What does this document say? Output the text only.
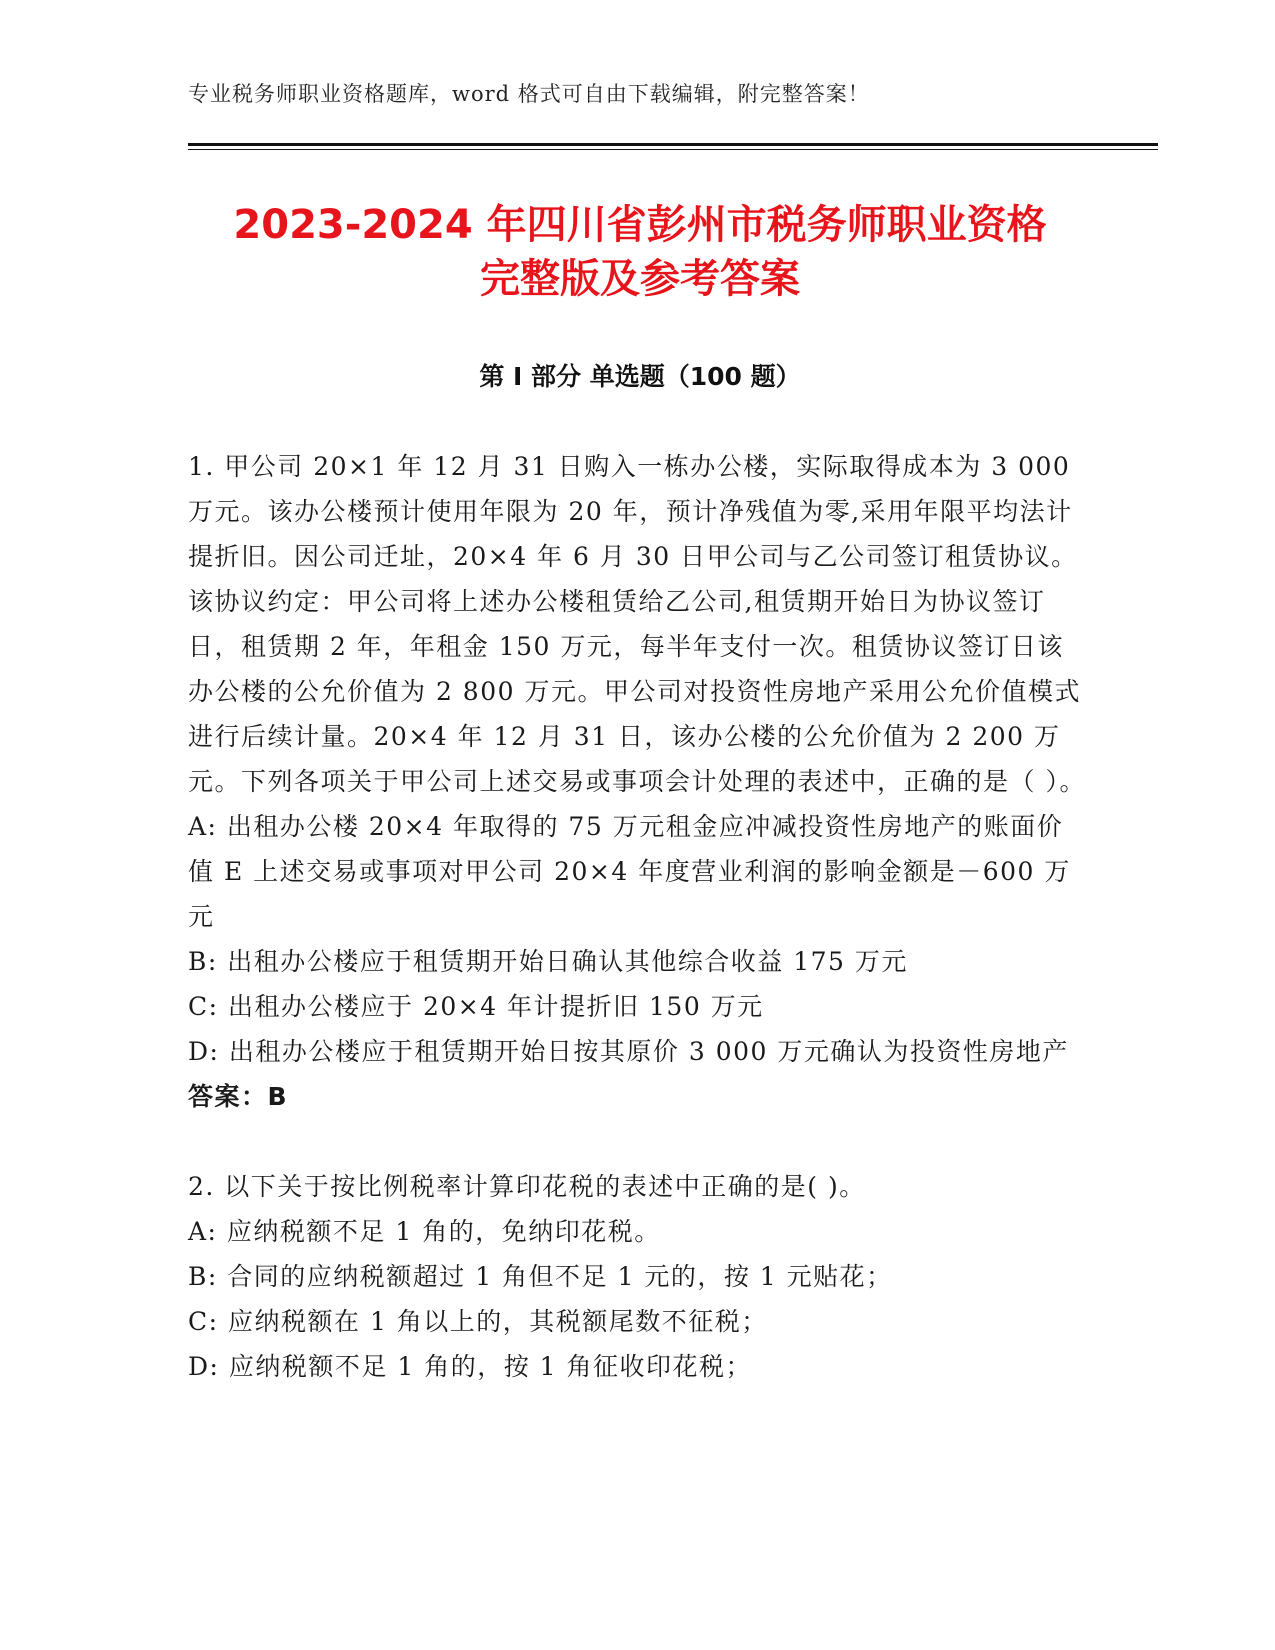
专业税务师职业资格题库，word 格式可自由下载编辑，附完整答案！
2023-2024 年四川省彭州市税务师职业资格
完整版及参考答案
第 I 部分 单选题（100 题）

1. 甲公司 20×1 年 12 月 31 日购入一栋办公楼，实际取得成本为 3 000 万元。该办公楼预计使用年限为 20 年，预计净残值为零,采用年限平均法计提折旧。因公司迁址，20×4 年 6 月 30 日甲公司与乙公司签订租赁协议。该协议约定：甲公司将上述办公楼租赁给乙公司,租赁期开始日为协议签订日，租赁期 2 年，年租金 150 万元，每半年支付一次。租赁协议签订日该办公楼的公允价值为 2 800 万元。甲公司对投资性房地产采用公允价值模式进行后续计量。20×4 年 12 月 31 日，该办公楼的公允价值为 2 200 万元。下列各项关于甲公司上述交易或事项会计处理的表述中，正确的是（ ）。

A: 出租办公楼 20×4 年取得的 75 万元租金应冲减投资性房地产的账面价值 E 上述交易或事项对甲公司 20×4 年度营业利润的影响金额是－600 万元

B: 出租办公楼应于租赁期开始日确认其他综合收益 175 万元

C: 出租办公楼应于 20×4 年计提折旧 150 万元

D: 出租办公楼应于租赁期开始日按其原价 3 000 万元确认为投资性房地产

答案：B

2. 以下关于按比例税率计算印花税的表述中正确的是( )。

A: 应纳税额不足 1 角的，免纳印花税。

B: 合同的应纳税额超过 1 角但不足 1 元的，按 1 元贴花；

C: 应纳税额在 1 角以上的，其税额尾数不征税；

D: 应纳税额不足 1 角的，按 1 角征收印花税；
